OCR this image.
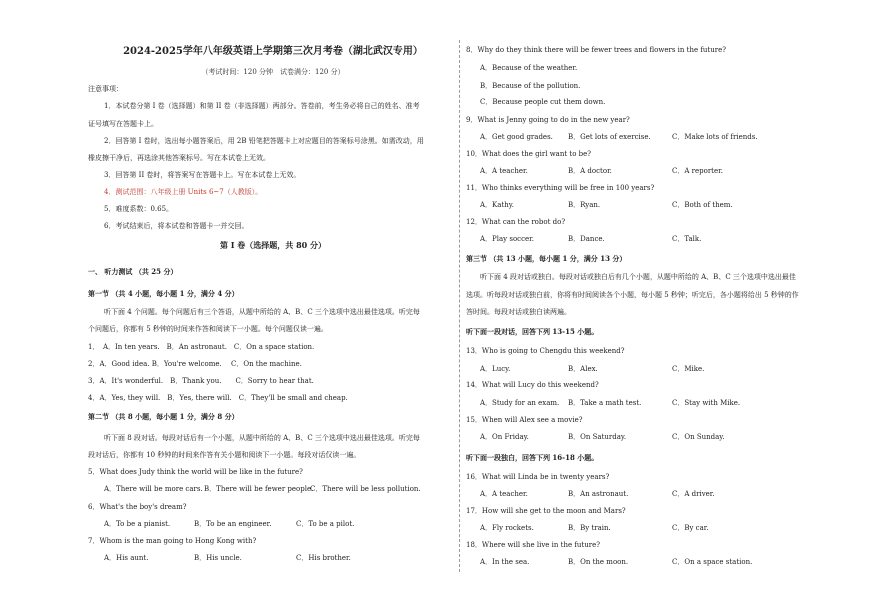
2024-2025学年八年级英语上学期第三次月考卷（湖北武汉专用）
（考试时间：120 分钟　试卷满分：120 分）
注意事项：
1．本试卷分第 I 卷（选择题）和第 II 卷（非选择题）两部分。答卷前，考生务必将自己的姓名、准考
证号填写在答题卡上。
2．回答第 I 卷时，选出每小题答案后，用 2B 铅笔把答题卡上对应题目的答案标号涂黑。如需改动，用
橡皮擦干净后，再选涂其他答案标号。写在本试卷上无效。
3．回答第 II 卷时，将答案写在答题卡上。写在本试卷上无效。
4．测试范围：八年级上册 Units 6~7（人教版）。
5．难度系数：0.65。
6．考试结束后，将本试卷和答题卡一并交回。
第 I 卷（选择题，共 80 分）
一、 听力测试 （共 25 分）
第一节 （共 4 小题，每小题 1 分，满分 4 分）
听下面 4 个问题。每个问题后有三个答语，从题中所给的 A、B、C 三个选项中选出最佳选项。听完每
个问题后，你都有 5 秒钟的时间来作答和阅读下一小题。每个问题仅读一遍。
1．　A．In ten years.　B．An astronaut.　C．On a space station.
2．A．Good idea. B．You're welcome.　 C．On the machine.
3．A．It's wonderful.　B．Thank you.　　C．Sorry to hear that.
4．A．Yes, they will.　B．Yes, there will.　C．They'll be small and cheap.
第二节 （共 8 小题，每小题 1 分，满分 8 分）
听下面 8 段对话。每段对话后有一个小题，从题中所给的 A、B、C 三个选项中选出最佳选项。听完每
段对话后，你都有 10 秒钟的时间来作答有关小题和阅读下一小题。每段对话仅读一遍。
5．What does Judy think the world will be like in the future?
A．There will be more cars. B．There will be fewer people.
C．There will be less pollution.
6．What's the boy's dream?
A．To be a pianist.	B．To be an engineer.	C．To be a pilot.
7．Whom is the man going to Hong Kong with?
A．His aunt.	B．His uncle.	C．His brother.
8．Why do they think there will be fewer trees and flowers in the future?
A．Because of the weather.
B．Because of the pollution.
C．Because people cut them down.
9．What is Jenny going to do in the new year?
A．Get good grades. B．Get lots of exercise.	C．Make lots of friends.
10．What does the girl want to be?
A．A teacher.	B．A doctor.	C．A reporter.
11．Who thinks everything will be free in 100 years?
A．Kathy.	B．Ryan.	C．Both of them.
12．What can the robot do?
A．Play soccer.	B．Dance.	C．Talk.
第三节 （共 13 小题，每小题 1 分，满分 13 分）
听下面 4 段对话或独白。每段对话或独白后有几个小题，从题中所给的 A、B、C 三个选项中选出最佳
选项。听每段对话或独白前，你将有时间阅读各个小题，每小题 5 秒钟；听完后，各小题将给出 5 秒钟的作
答时间。每段对话或独白读两遍。
听下面一段对话，回答下列 13-15 小题。
13．Who is going to Chengdu this weekend?
A．Lucy.	B．Alex.	C．Mike.
14．What will Lucy do this weekend?
A．Study for an exam. B．Take a math test.	C．Stay with Mike.
15．When will Alex see a movie?
A．On Friday.	B．On Saturday.	C．On Sunday.
听下面一段独白，回答下列 16-18 小题。
16．What will Linda be in twenty years?
A．A teacher.	B．An astronaut.	C．A driver.
17．How will she get to the moon and Mars?
A．Fly rockets.	B．By train.	C．By car.
18．Where will she live in the future?
A．In the sea.	B．On the moon.	C．On a space station.
